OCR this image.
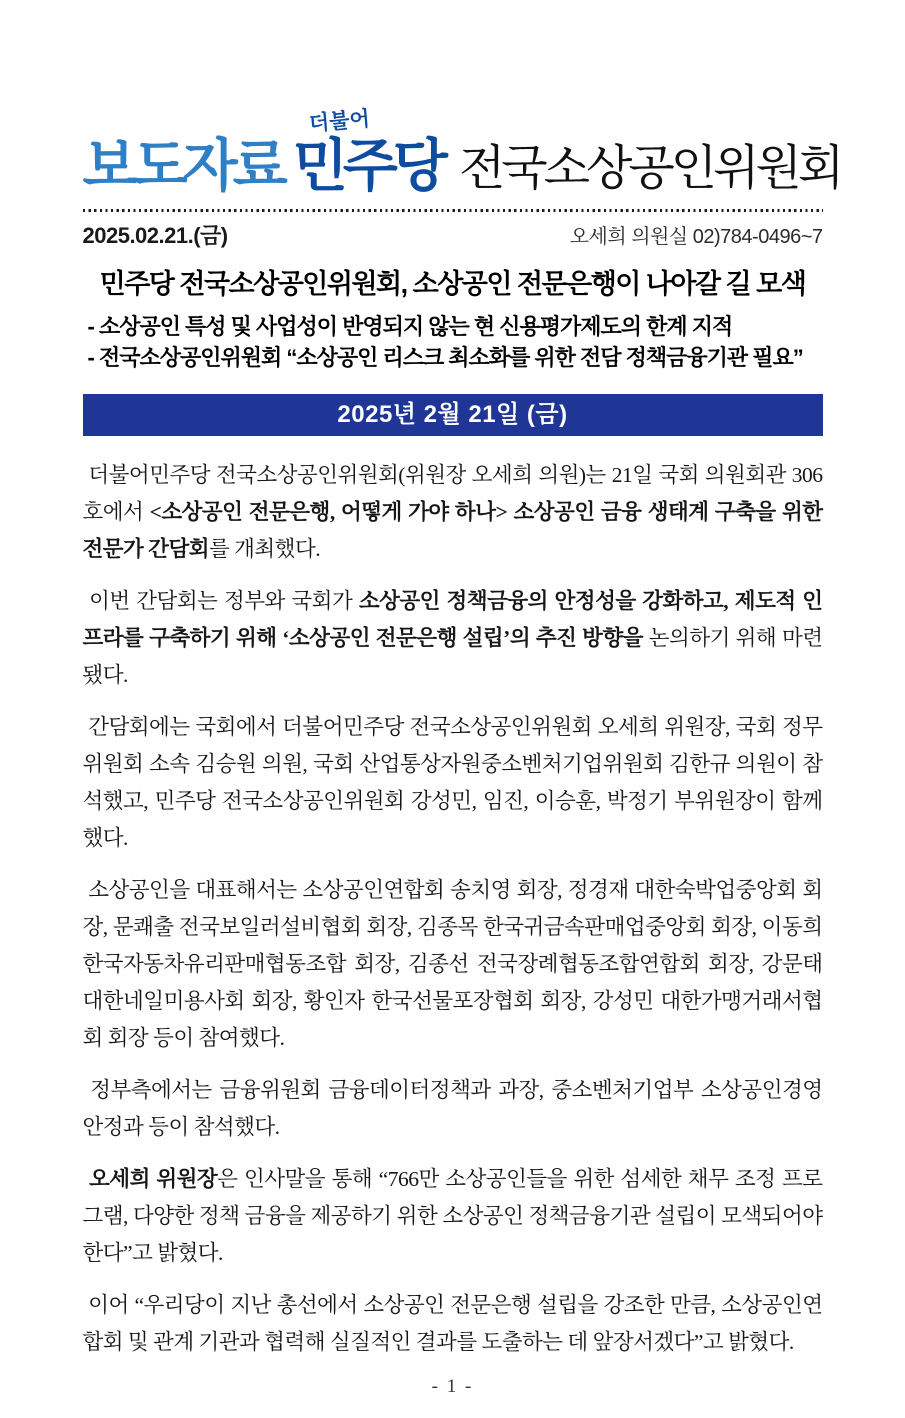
보도자료
더불어
민주당 전국소상공인위원회
2025.02.21.(금)	오세희 의원실 02)784-0496~7
민주당 전국소상공인위원회, 소상공인 전문은행이 나아갈 길 모색
- 소상공인 특성 및 사업성이 반영되지 않는 현 신용평가제도의 한계 지적
- 전국소상공인위원회 “소상공인 리스크 최소화를 위한 전담 정책금융기관 필요”
2025년 2월 21일 (금)

더불어민주당 전국소상공인위원회(위원장 오세희 의원)는 21일 국회 의원회관 306호에서 <소상공인 전문은행, 어떻게 가야 하나> 소상공인 금융 생태계 구축을 위한 전문가 간담회를 개최했다.

이번 간담회는 정부와 국회가 소상공인 정책금융의 안정성을 강화하고, 제도적 인프라를 구축하기 위해 ‘소상공인 전문은행 설립’의 추진 방향을 논의하기 위해 마련됐다.

간담회에는 국회에서 더불어민주당 전국소상공인위원회 오세희 위원장, 국회 정무위원회 소속 김승원 의원, 국회 산업통상자원중소벤처기업위원회 김한규 의원이 참석했고, 민주당 전국소상공인위원회 강성민, 임진, 이승훈, 박정기 부위원장이 함께했다.

소상공인을 대표해서는 소상공인연합회 송치영 회장, 정경재 대한숙박업중앙회 회장, 문쾌출 전국보일러설비협회 회장, 김종목 한국귀금속판매업중앙회 회장, 이동희 한국자동차유리판매협동조합 회장, 김종선 전국장례협동조합연합회 회장, 강문태 대한네일미용사회 회장, 황인자 한국선물포장협회 회장, 강성민 대한가맹거래서협회 회장 등이 참여했다.

정부측에서는 금융위원회 금융데이터정책과 과장, 중소벤처기업부 소상공인경영안정과 등이 참석했다.

오세희 위원장은 인사말을 통해 “766만 소상공인들을 위한 섬세한 채무 조정 프로그램, 다양한 정책 금융을 제공하기 위한 소상공인 정책금융기관 설립이 모색되어야 한다”고 밝혔다.

이어 “우리당이 지난 총선에서 소상공인 전문은행 설립을 강조한 만큼, 소상공인연합회 및 관계 기관과 협력해 실질적인 결과를 도출하는 데 앞장서겠다”고 밝혔다.

- 1 -
